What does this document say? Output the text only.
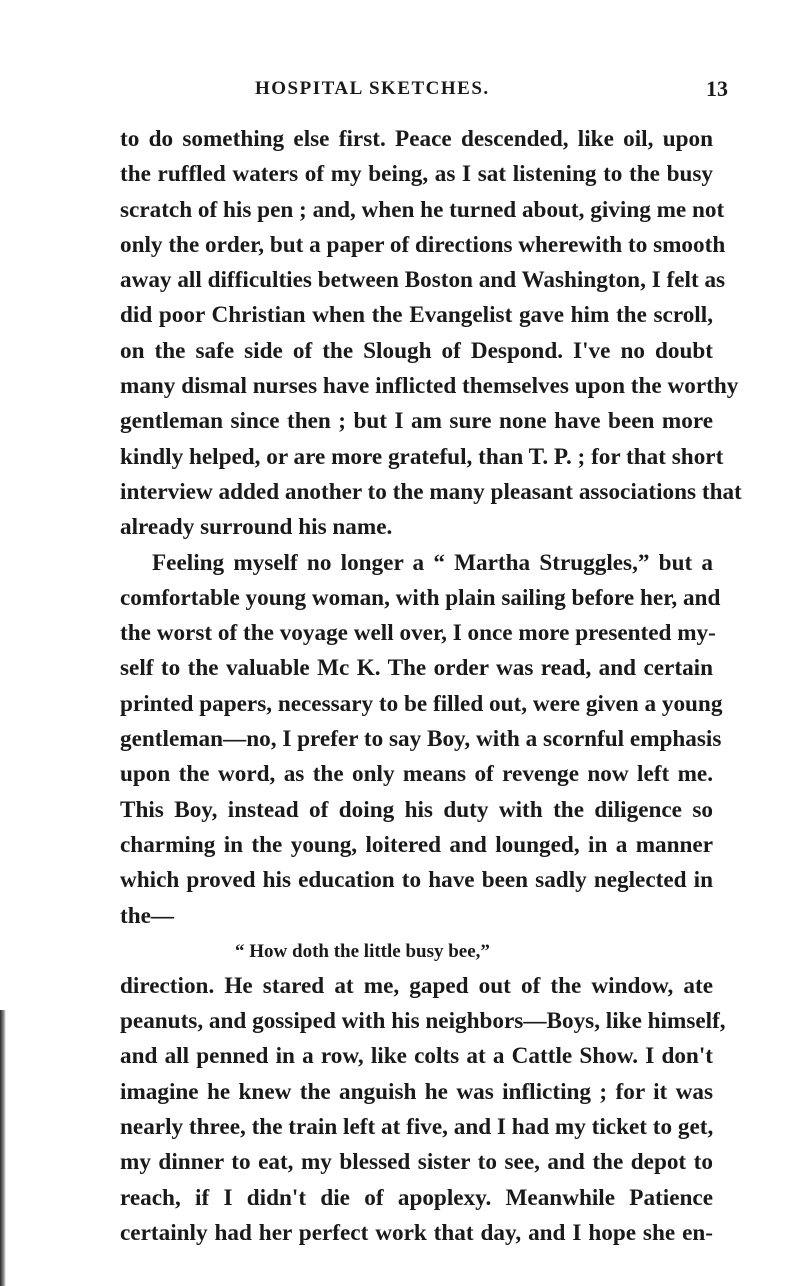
HOSPITAL SKETCHES.	13
to do something else first. Peace descended, like oil, upon
the ruffled waters of my being, as I sat listening to the busy
scratch of his pen ; and, when he turned about, giving me not
only the order, but a paper of directions wherewith to smooth
away all difficulties between Boston and Washington, I felt as
did poor Christian when the Evangelist gave him the scroll,
on the safe side of the Slough of Despond. I've no doubt
many dismal nurses have inflicted themselves upon the worthy
gentleman since then ; but I am sure none have been more
kindly helped, or are more grateful, than T. P. ; for that short
interview added another to the many pleasant associations that
already surround his name.
Feeling myself no longer a “ Martha Struggles,” but a
comfortable young woman, with plain sailing before her, and
the worst of the voyage well over, I once more presented my-
self to the valuable Mc K. The order was read, and certain
printed papers, necessary to be filled out, were given a young
gentleman—no, I prefer to say Boy, with a scornful emphasis
upon the word, as the only means of revenge now left me.
This Boy, instead of doing his duty with the diligence so
charming in the young, loitered and lounged, in a manner
which proved his education to have been sadly neglected in
the—
“ How doth the little busy bee,”
direction. He stared at me, gaped out of the window, ate
peanuts, and gossiped with his neighbors—Boys, like himself,
and all penned in a row, like colts at a Cattle Show. I don't
imagine he knew the anguish he was inflicting ; for it was
nearly three, the train left at five, and I had my ticket to get,
my dinner to eat, my blessed sister to see, and the depot to
reach, if I didn't die of apoplexy. Meanwhile Patience
certainly had her perfect work that day, and I hope she en-
